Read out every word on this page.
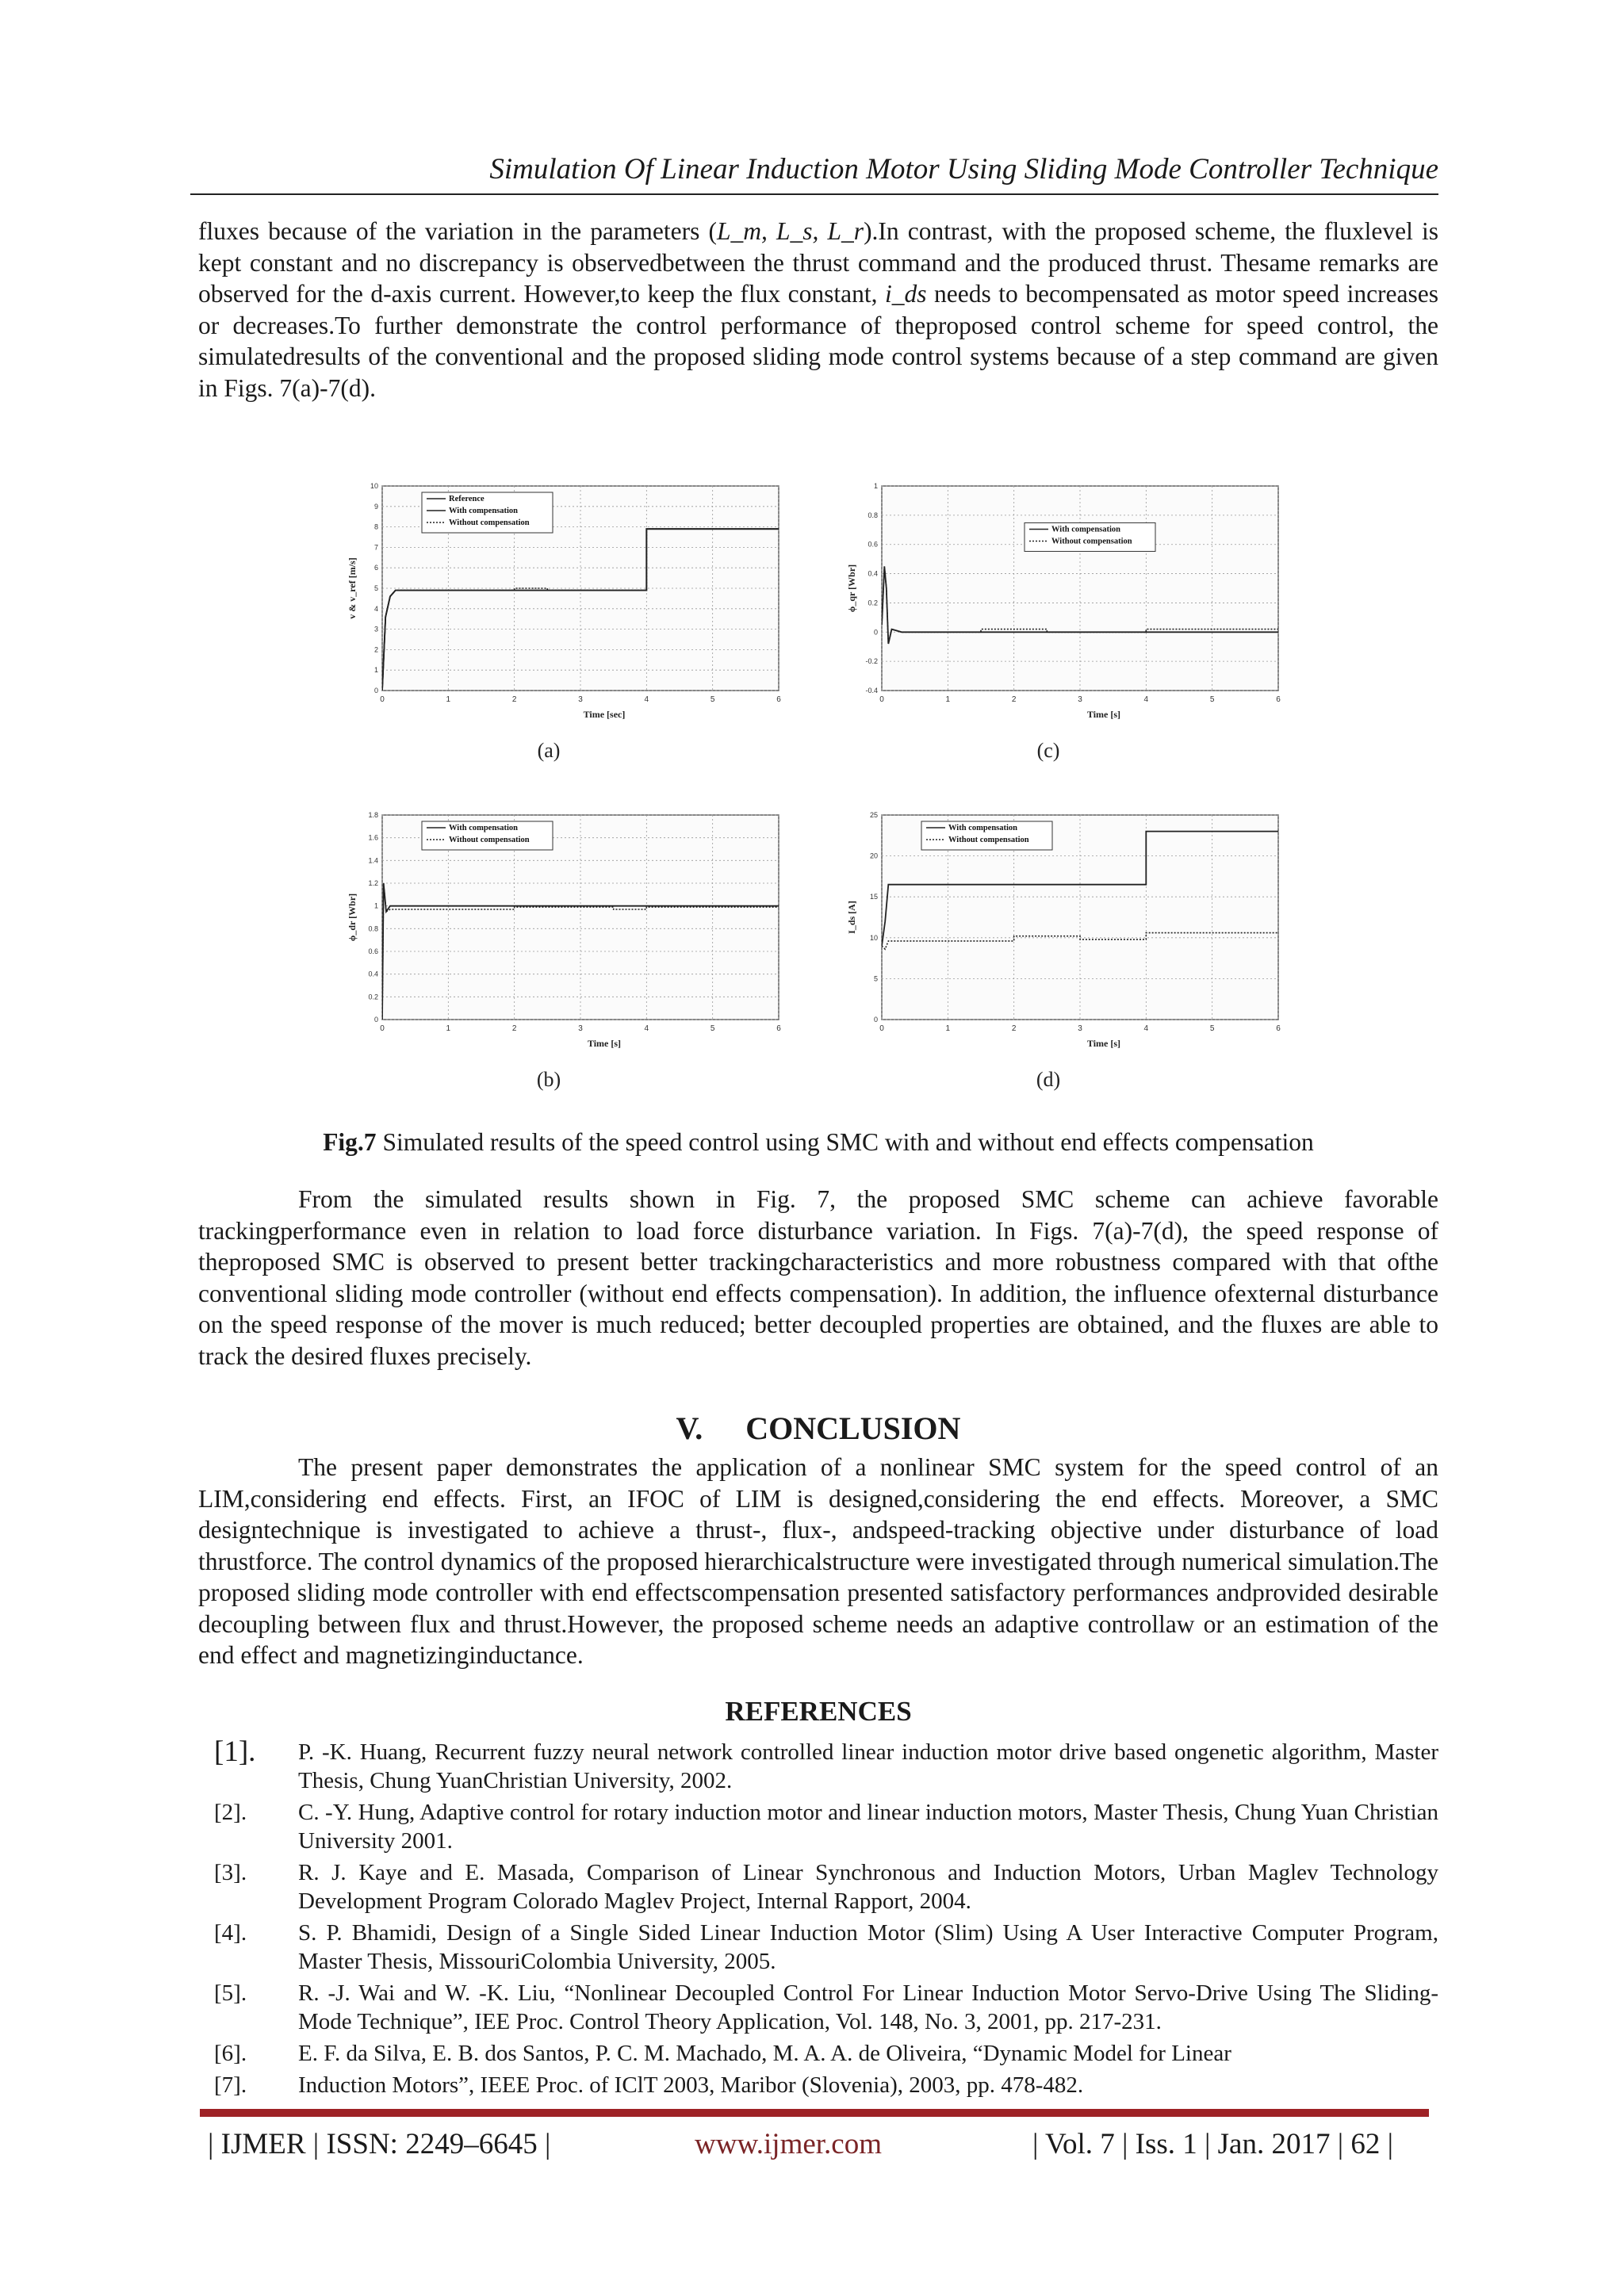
Simulation Of Linear Induction Motor Using Sliding Mode Controller Technique

fluxes because of the variation in the parameters (L_m, L_s, L_r).In contrast, with the proposed scheme, the fluxlevel is kept constant and no discrepancy is observedbetween the thrust command and the produced thrust. Thesame remarks are observed for the d-axis current. However,to keep the flux constant, i_ds needs to becompensated as motor speed increases or decreases.To further demonstrate the control performance of theproposed control scheme for speed control, the simulatedresults of the conventional and the proposed sliding mode control systems because of a step command are given in Figs. 7(a)-7(d).

0	1	2	3	4	5	6
0
1
2
3
4
5
6
7
8
9
10
Reference
With compensation
Without compensation
Time [sec]
v & v_ref [m/s]
(a)
0	1	2	3	4	5	6
-0.4
-0.2
0
0.2
0.4
0.6
0.8
1
With compensation
Without compensation
Time [s]
ϕ_qr [Wbr]
(c)
0	1	2	3	4	5	6
0
0.2
0.4
0.6
0.8
1
1.2
1.4
1.6
1.8
With compensation
Without compensation
Time [s]
ϕ_dr [Wbr]
(b)
0	1	2	3	4	5	6
0
5
10
15
20
25
With compensation
Without compensation
Time [s]
I_ds [A]
(d)
Fig.7 Simulated results of the speed control using SMC with and without end effects compensation

From the simulated results shown in Fig. 7, the proposed SMC scheme can achieve favorable trackingperformance even in relation to load force disturbance variation. In Figs. 7(a)-7(d), the speed response of theproposed SMC is observed to present better trackingcharacteristics and more robustness compared with that ofthe conventional sliding mode controller (without end effects compensation). In addition, the influence ofexternal disturbance on the speed response of the mover is much reduced; better decoupled properties are obtained, and the fluxes are able to track the desired fluxes precisely.

V. CONCLUSION

The present paper demonstrates the application of a nonlinear SMC system for the speed control of an LIM,considering end effects. First, an IFOC of LIM is designed,considering the end effects. Moreover, a SMC designtechnique is investigated to achieve a thrust-, flux-, andspeed-tracking objective under disturbance of load thrustforce. The control dynamics of the proposed hierarchicalstructure were investigated through numerical simulation.The proposed sliding mode controller with end effectscompensation presented satisfactory performances andprovided desirable decoupling between flux and thrust.However, the proposed scheme needs an adaptive controllaw or an estimation of the end effect and magnetizinginductance.

REFERENCES
[1]. P. -K. Huang, Recurrent fuzzy neural network controlled linear induction motor drive based ongenetic algorithm, Master Thesis, Chung YuanChristian University, 2002.
[2]. C. -Y. Hung, Adaptive control for rotary induction motor and linear induction motors, Master Thesis, Chung Yuan Christian University 2001.
[3]. R. J. Kaye and E. Masada, Comparison of Linear Synchronous and Induction Motors, Urban Maglev Technology Development Program Colorado Maglev Project, Internal Rapport, 2004.
[4]. S. P. Bhamidi, Design of a Single Sided Linear Induction Motor (Slim) Using A User Interactive Computer Program, Master Thesis, MissouriColombia University, 2005.
[5]. R. -J. Wai and W. -K. Liu, “Nonlinear Decoupled Control For Linear Induction Motor Servo-Drive Using The Sliding-Mode Technique”, IEE Proc. Control Theory Application, Vol. 148, No. 3, 2001, pp. 217-231.
[6]. E. F. da Silva, E. B. dos Santos, P. C. M. Machado, M. A. A. de Oliveira, “Dynamic Model for Linear
[7]. Induction Motors”, IEEE Proc. of IClT 2003, Maribor (Slovenia), 2003, pp. 478-482.
| IJMER | ISSN: 2249–6645 |	www.ijmer.com	| Vol. 7 | Iss. 1 | Jan. 2017 | 62 |
